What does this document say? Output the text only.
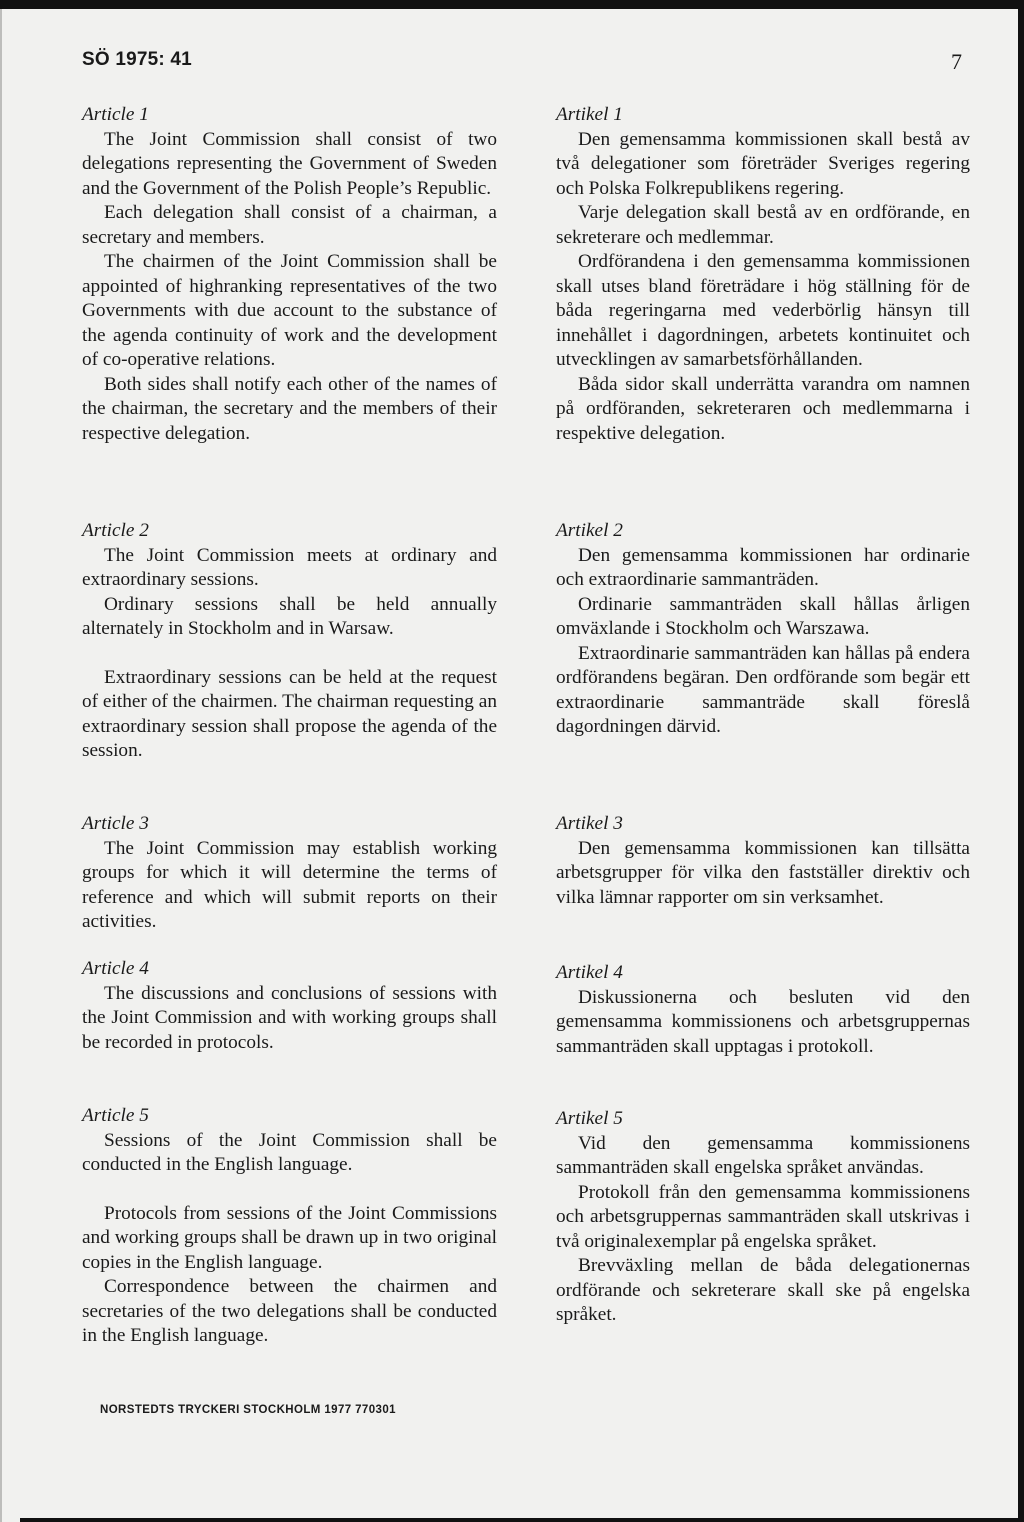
SÖ 1975: 41	7
Article 1

The Joint Commission shall consist of two delegations representing the Government of Sweden and the Government of the Polish People’s Republic.

Each delegation shall consist of a chairman, a secretary and members.

The chairmen of the Joint Commission shall be appointed of highranking representatives of the two Governments with due account to the substance of the agenda continuity of work and the development of co-operative relations.

Both sides shall notify each other of the names of the chairman, the secretary and the members of their respective delegation.

Article 2

The Joint Commission meets at ordinary and extraordinary sessions.

Ordinary sessions shall be held annually alternately in Stockholm and in Warsaw.

Extraordinary sessions can be held at the request of either of the chairmen. The chairman requesting an extraordinary session shall propose the agenda of the session.

Article 3

The Joint Commission may establish working groups for which it will determine the terms of reference and which will submit reports on their activities.

Article 4

The discussions and conclusions of sessions with the Joint Commission and with working groups shall be recorded in protocols.

Article 5

Sessions of the Joint Commission shall be conducted in the English language.

Protocols from sessions of the Joint Commissions and working groups shall be drawn up in two original copies in the English language.

Correspondence between the chairmen and secretaries of the two delegations shall be conducted in the English language.

Artikel 1

Den gemensamma kommissionen skall bestå av två delegationer som företräder Sveriges regering och Polska Folkrepublikens regering.

Varje delegation skall bestå av en ordförande, en sekreterare och medlemmar.

Ordförandena i den gemensamma kommissionen skall utses bland företrädare i hög ställning för de båda regeringarna med vederbörlig hänsyn till innehållet i dagordningen, arbetets kontinuitet och utvecklingen av samarbetsförhållanden.

Båda sidor skall underrätta varandra om namnen på ordföranden, sekreteraren och medlemmarna i respektive delegation.

Artikel 2

Den gemensamma kommissionen har ordinarie och extraordinarie sammanträden.

Ordinarie sammanträden skall hållas årligen omväxlande i Stockholm och Warszawa.

Extraordinarie sammanträden kan hållas på endera ordförandens begäran. Den ordförande som begär ett extraordinarie sammanträde skall föreslå dagordningen därvid.

Artikel 3

Den gemensamma kommissionen kan tillsätta arbetsgrupper för vilka den fastställer direktiv och vilka lämnar rapporter om sin verksamhet.

Artikel 4

Diskussionerna och besluten vid den gemensamma kommissionens och arbetsgruppernas sammanträden skall upptagas i protokoll.

Artikel 5

Vid den gemensamma kommissionens sammanträden skall engelska språket användas.

Protokoll från den gemensamma kommissionens och arbetsgruppernas sammanträden skall utskrivas i två originalexemplar på engelska språket.

Brevväxling mellan de båda delegationernas ordförande och sekreterare skall ske på engelska språket.

NORSTEDTS TRYCKERI STOCKHOLM 1977 770301
